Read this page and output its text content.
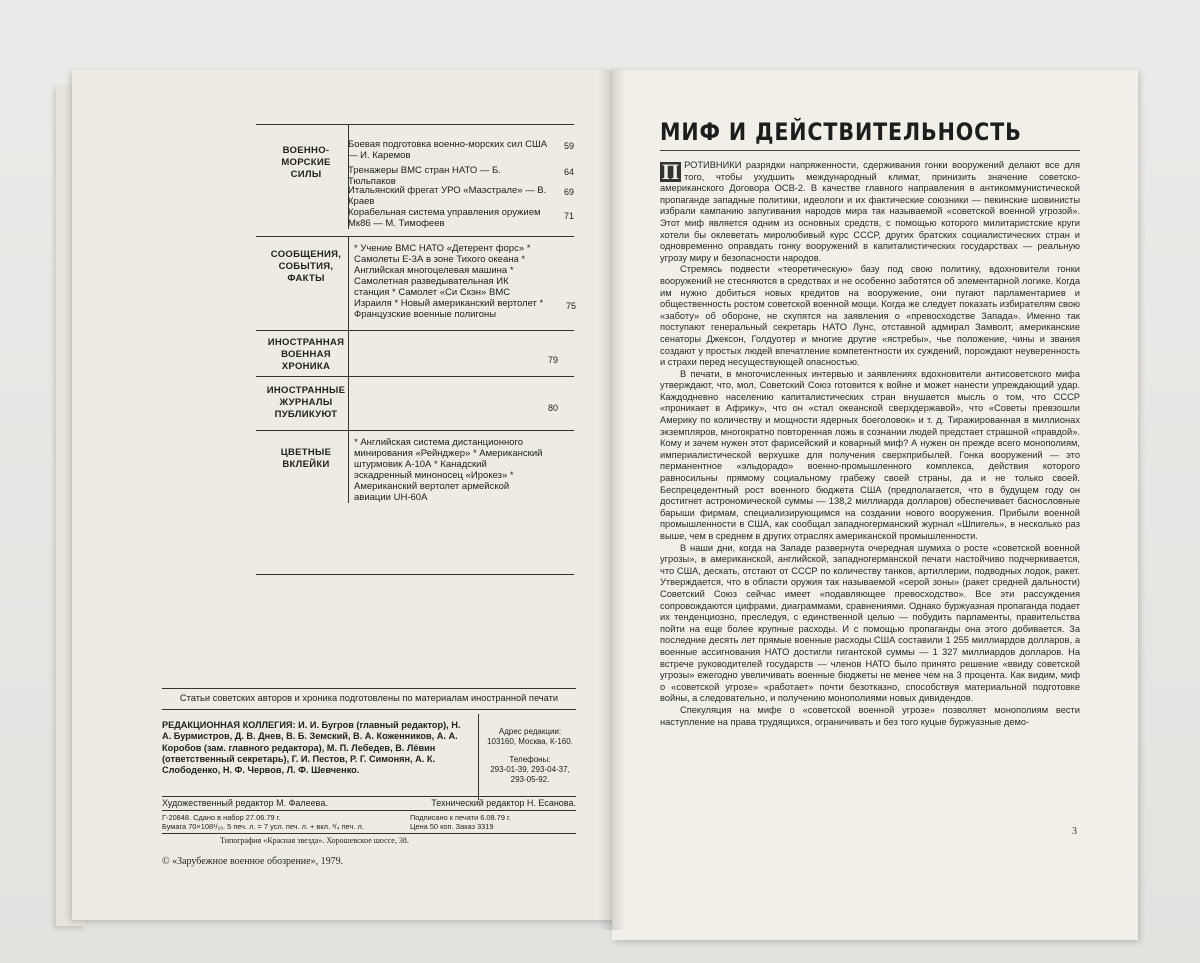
ВОЕННО-
МОРСКИЕ
СИЛЫ
Боевая подготовка военно-морских сил США — И. Каремов
59
Тренажеры ВМС стран НАТО — Б. Тюльпаков
64
Итальянский фрегат УРО «Маэстрале» — В. Краев
69
Корабельная система управления оружием Мк86 — М. Тимофеев
71
СООБЩЕНИЯ,
СОБЫТИЯ,
ФАКТЫ
* Учение ВМС НАТО «Детерент форс» * Самолеты Е-3А в зоне Тихого океана * Английская многоцелевая машина * Самолетная разведывательная ИК станция * Самолет «Си Скэн» ВМС Израиля * Новый американский вертолет * Французские военные полигоны
75
ИНОСТРАННАЯ
ВОЕННАЯ
ХРОНИКА
79
ИНОСТРАННЫЕ
ЖУРНАЛЫ
ПУБЛИКУЮТ
80
ЦВЕТНЫЕ
ВКЛЕЙКИ
* Английская система дистанционного минирования «Рейнджер» * Американский штурмовик А-10А * Канадский эскадренный миноносец «Ирокез» * Американский вертолет армейской авиации UH-60A
Статьи советских авторов и хроника подготовлены по материалам иностранной печати
РЕДАКЦИОННАЯ КОЛЛЕГИЯ: И. И. Бугров (главный редактор), Н. А. Бурмистров, Д. В. Днев, В. Б. Земский, В. А. Коженников, А. А. Коробов (зам. главного редактора), М. П. Лебедев, В. Лёвин (ответственный секретарь), Г. И. Пестов, Р. Г. Симонян, А. К. Слободенко, Н. Ф. Червов, Л. Ф. Шевченко.
Адрес редакции:
103160, Москва, К-160.
Телефоны:
293-01-39, 293-04-37, 293-05-92.
Художественный редактор М. Фалеева.	Технический редактор Н. Есанова.
Г-20848. Сдано в набор 27.06.79 г.
Бумага 70×108¹/₁₆. 5 печ. л. = 7 усл. печ. л. + вкл. ³/₄ печ. л.
Подписано к печати 6.08.79 г.
Цена 50 коп. Заказ 3319
Типография «Красная звезда». Хорошевское шоссе, 38.
© «Зарубежное военное обозрение», 1979.
МИФ И ДЕЙСТВИТЕЛЬНОСТЬ

П РОТИВНИКИ разрядки напряженности, сдерживания гонки вооружений делают все для того, чтобы ухудшить международный климат, принизить значение советско-американского Договора ОСВ-2. В качестве главного направления в антикоммунистической пропаганде западные политики, идеологи и их фактические союзники — пекинские шовинисты избрали кампанию запугивания народов мира так называемой «советской военной угрозой». Этот миф является одним из основных средств, с помощью которого милитаристские круги хотели бы оклеветать миролюбивый курс СССР, других братских социалистических стран и одновременно оправдать гонку вооружений в капиталистических государствах — реальную угрозу миру и безопасности народов.

Стремясь подвести «теоретическую» базу под свою политику, вдохновители гонки вооружений не стесняются в средствах и не особенно заботятся об элементарной логике. Когда им нужно добиться новых кредитов на вооружение, они пугают парламентариев и общественность ростом советской военной мощи. Когда же следует показать избирателям свою «заботу» об обороне, не скупятся на заявления о «превосходстве Запада». Именно так поступают генеральный секретарь НАТО Лунс, отставной адмирал Замволт, американские сенаторы Джексон, Голдуотер и многие другие «ястребы», чье положение, чины и звания создают у простых людей впечатление компетентности их суждений, порождают неуверенность и страхи перед несуществующей опасностью.

В печати, в многочисленных интервью и заявлениях вдохновители антисоветского мифа утверждают, что, мол, Советский Союз готовится к войне и может нанести упреждающий удар. Каждодневно населению капиталистических стран внушается мысль о том, что СССР «проникает в Африку», что он «стал океанской сверхдержавой», что «Советы превзошли Америку по количеству и мощности ядерных боеголовок» и т. д. Тиражированная в миллионах экземпляров, многократно повторенная ложь в сознании людей предстает страшной «правдой». Кому и зачем нужен этот фарисейский и коварный миф? А нужен он прежде всего монополиям, империалистической верхушке для получения сверхприбылей. Гонка вооружений — это перманентное «эльдорадо» военно-промышленного комплекса, действия которого равносильны прямому социальному грабежу своей страны, да и не только своей. Беспрецедентный рост военного бюджета США (предполагается, что в будущем году он достигнет астрономической суммы — 138,2 миллиарда долларов) обеспечивает баснословные барыши фирмам, специализирующимся на создании нового вооружения. Прибыли военной промышленности в США, как сообщал западногерманский журнал «Шпигель», в несколько раз выше, чем в среднем в других отраслях американской промышленности.

В наши дни, когда на Западе развернута очередная шумиха о росте «советской военной угрозы», в американской, английской, западногерманской печати настойчиво подчеркивается, что США, дескать, отстают от СССР по количеству танков, артиллерии, подводных лодок, ракет. Утверждается, что в области оружия так называемой «серой зоны» (ракет средней дальности) Советский Союз сейчас имеет «подавляющее превосходство». Все эти рассуждения сопровождаются цифрами, диаграммами, сравнениями. Однако буржуазная пропаганда подает их тенденциозно, преследуя, с единственной целью — побудить парламенты, правительства пойти на еще более крупные расходы. И с помощью пропаганды она этого добивается. За последние десять лет прямые военные расходы США составили 1 255 миллиардов долларов, а военные ассигнования НАТО достигли гигантской суммы — 1 327 миллиардов долларов. На встрече руководителей государств — членов НАТО было принято решение «ввиду советской угрозы» ежегодно увеличивать военные бюджеты не менее чем на 3 процента. Как видим, миф о «советской угрозе» «работает» почти безотказно, способствуя материальной подготовке войны, а следовательно, и получению монополиями новых дивидендов.

Спекуляция на мифе о «советской военной угрозе» позволяет монополиям вести наступление на права трудящихся, ограничивать и без того куцые буржуазные демо-

3
